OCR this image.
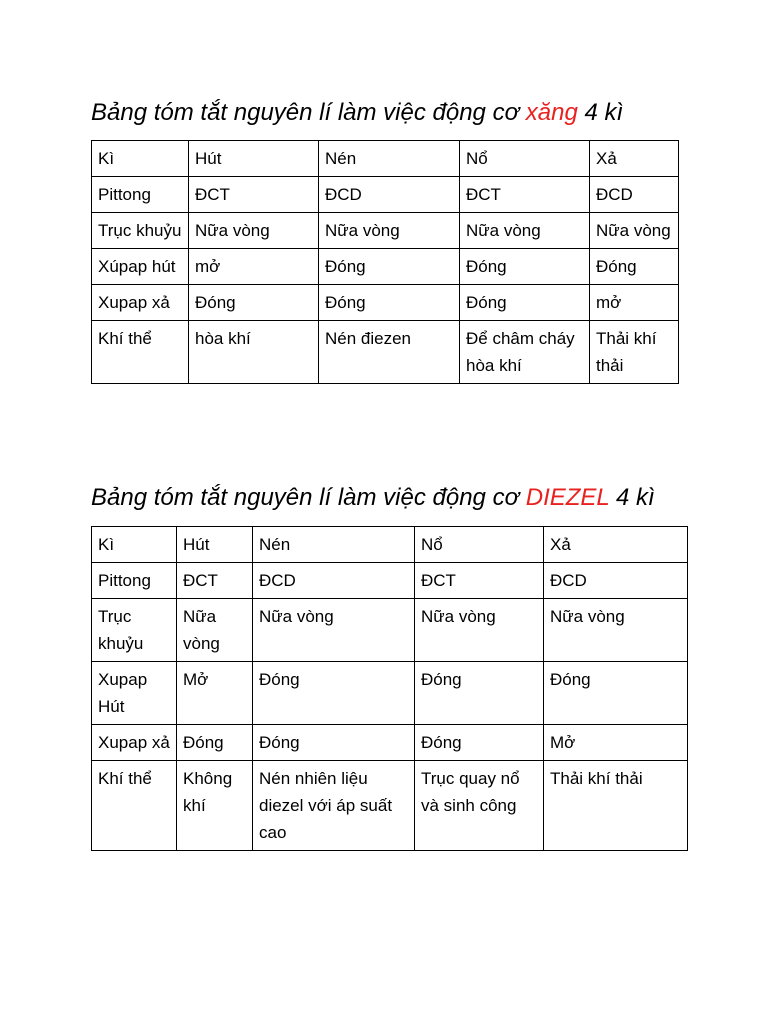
Bảng tóm tắt nguyên lí làm việc động cơ xăng 4 kì
Kì	Hút	Nén	Nổ	Xả
Pittong	ĐCT	ĐCD	ĐCT	ĐCD
Trục khuỷu	Nữa vòng	Nữa vòng	Nữa vòng	Nữa vòng
Xúpap hút	mở	Đóng	Đóng	Đóng
Xupap xả	Đóng	Đóng	Đóng	mở
Khí thể	hòa khí	Nén điezen	Để châm cháy hòa khí	Thải khí thải
Bảng tóm tắt nguyên lí làm việc động cơ DIEZEL 4 kì
Kì	Hút	Nén	Nổ	Xả
Pittong	ĐCT	ĐCD	ĐCT	ĐCD
Trục khuỷu	Nữa vòng	Nữa vòng	Nữa vòng	Nữa vòng
Xupap Hút	Mở	Đóng	Đóng	Đóng
Xupap xả	Đóng	Đóng	Đóng	Mở
Khí thể	Không khí	Nén nhiên liệu diezel với áp suất cao	Trục quay nổ và sinh công	Thải khí thải
